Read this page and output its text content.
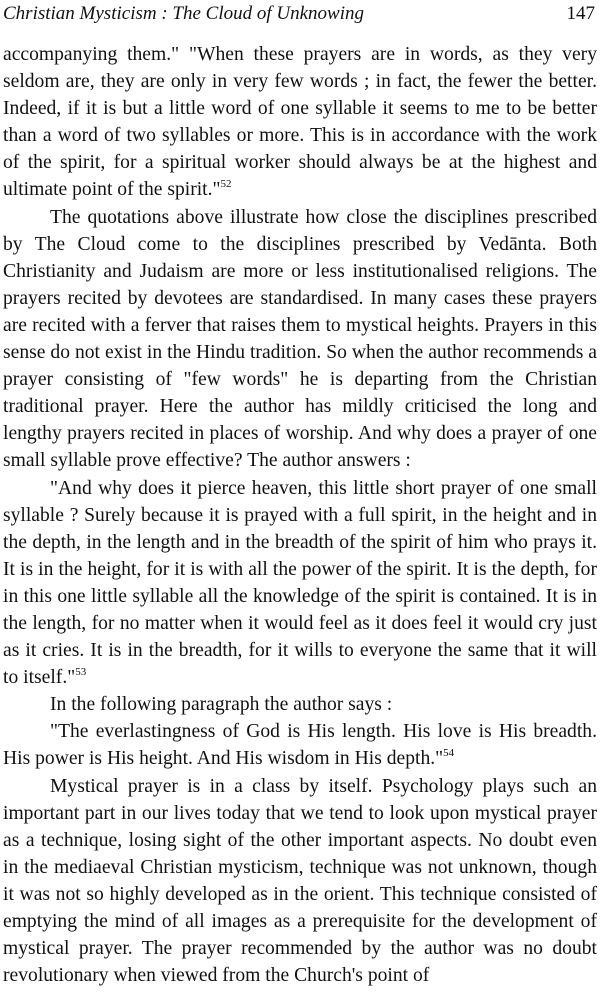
Christian Mysticism : The Cloud of Unknowing	147

accompanying them." "When these prayers are in words, as they very seldom are, they are only in very few words ; in fact, the fewer the better. Indeed, if it is but a little word of one syllable it seems to me to be better than a word of two syllables or more. This is in accordance with the work of the spirit, for a spiritual worker should always be at the highest and ultimate point of the spirit."$^{52}$

The quotations above illustrate how close the disciplines prescribed by The Cloud come to the disciplines prescribed by Vedānta. Both Christianity and Judaism are more or less institutionalised religions. The prayers recited by devotees are standardised. In many cases these prayers are recited with a ferver that raises them to mystical heights. Prayers in this sense do not exist in the Hindu tradition. So when the author recommends a prayer consisting of "few words" he is departing from the Christian traditional prayer. Here the author has mildly criticised the long and lengthy prayers recited in places of worship. And why does a prayer of one small syllable prove effective? The author answers :

"And why does it pierce heaven, this little short prayer of one small syllable ? Surely because it is prayed with a full spirit, in the height and in the depth, in the length and in the breadth of the spirit of him who prays it. It is in the height, for it is with all the power of the spirit. It is the depth, for in this one little syllable all the knowledge of the spirit is contained. It is in the length, for no matter when it would feel as it does feel it would cry just as it cries. It is in the breadth, for it wills to everyone the same that it will to itself."$^{53}$

In the following paragraph the author says :

"The everlastingness of God is His length. His love is His breadth. His power is His height. And His wisdom in His depth."$^{54}$

Mystical prayer is in a class by itself. Psychology plays such an important part in our lives today that we tend to look upon mystical prayer as a technique, losing sight of the other important aspects. No doubt even in the mediaeval Christian mysticism, technique was not unknown, though it was not so highly developed as in the orient. This technique consisted of emptying the mind of all images as a prerequisite for the development of mystical prayer. The prayer recommended by the author was no doubt revolutionary when viewed from the Church's point of
